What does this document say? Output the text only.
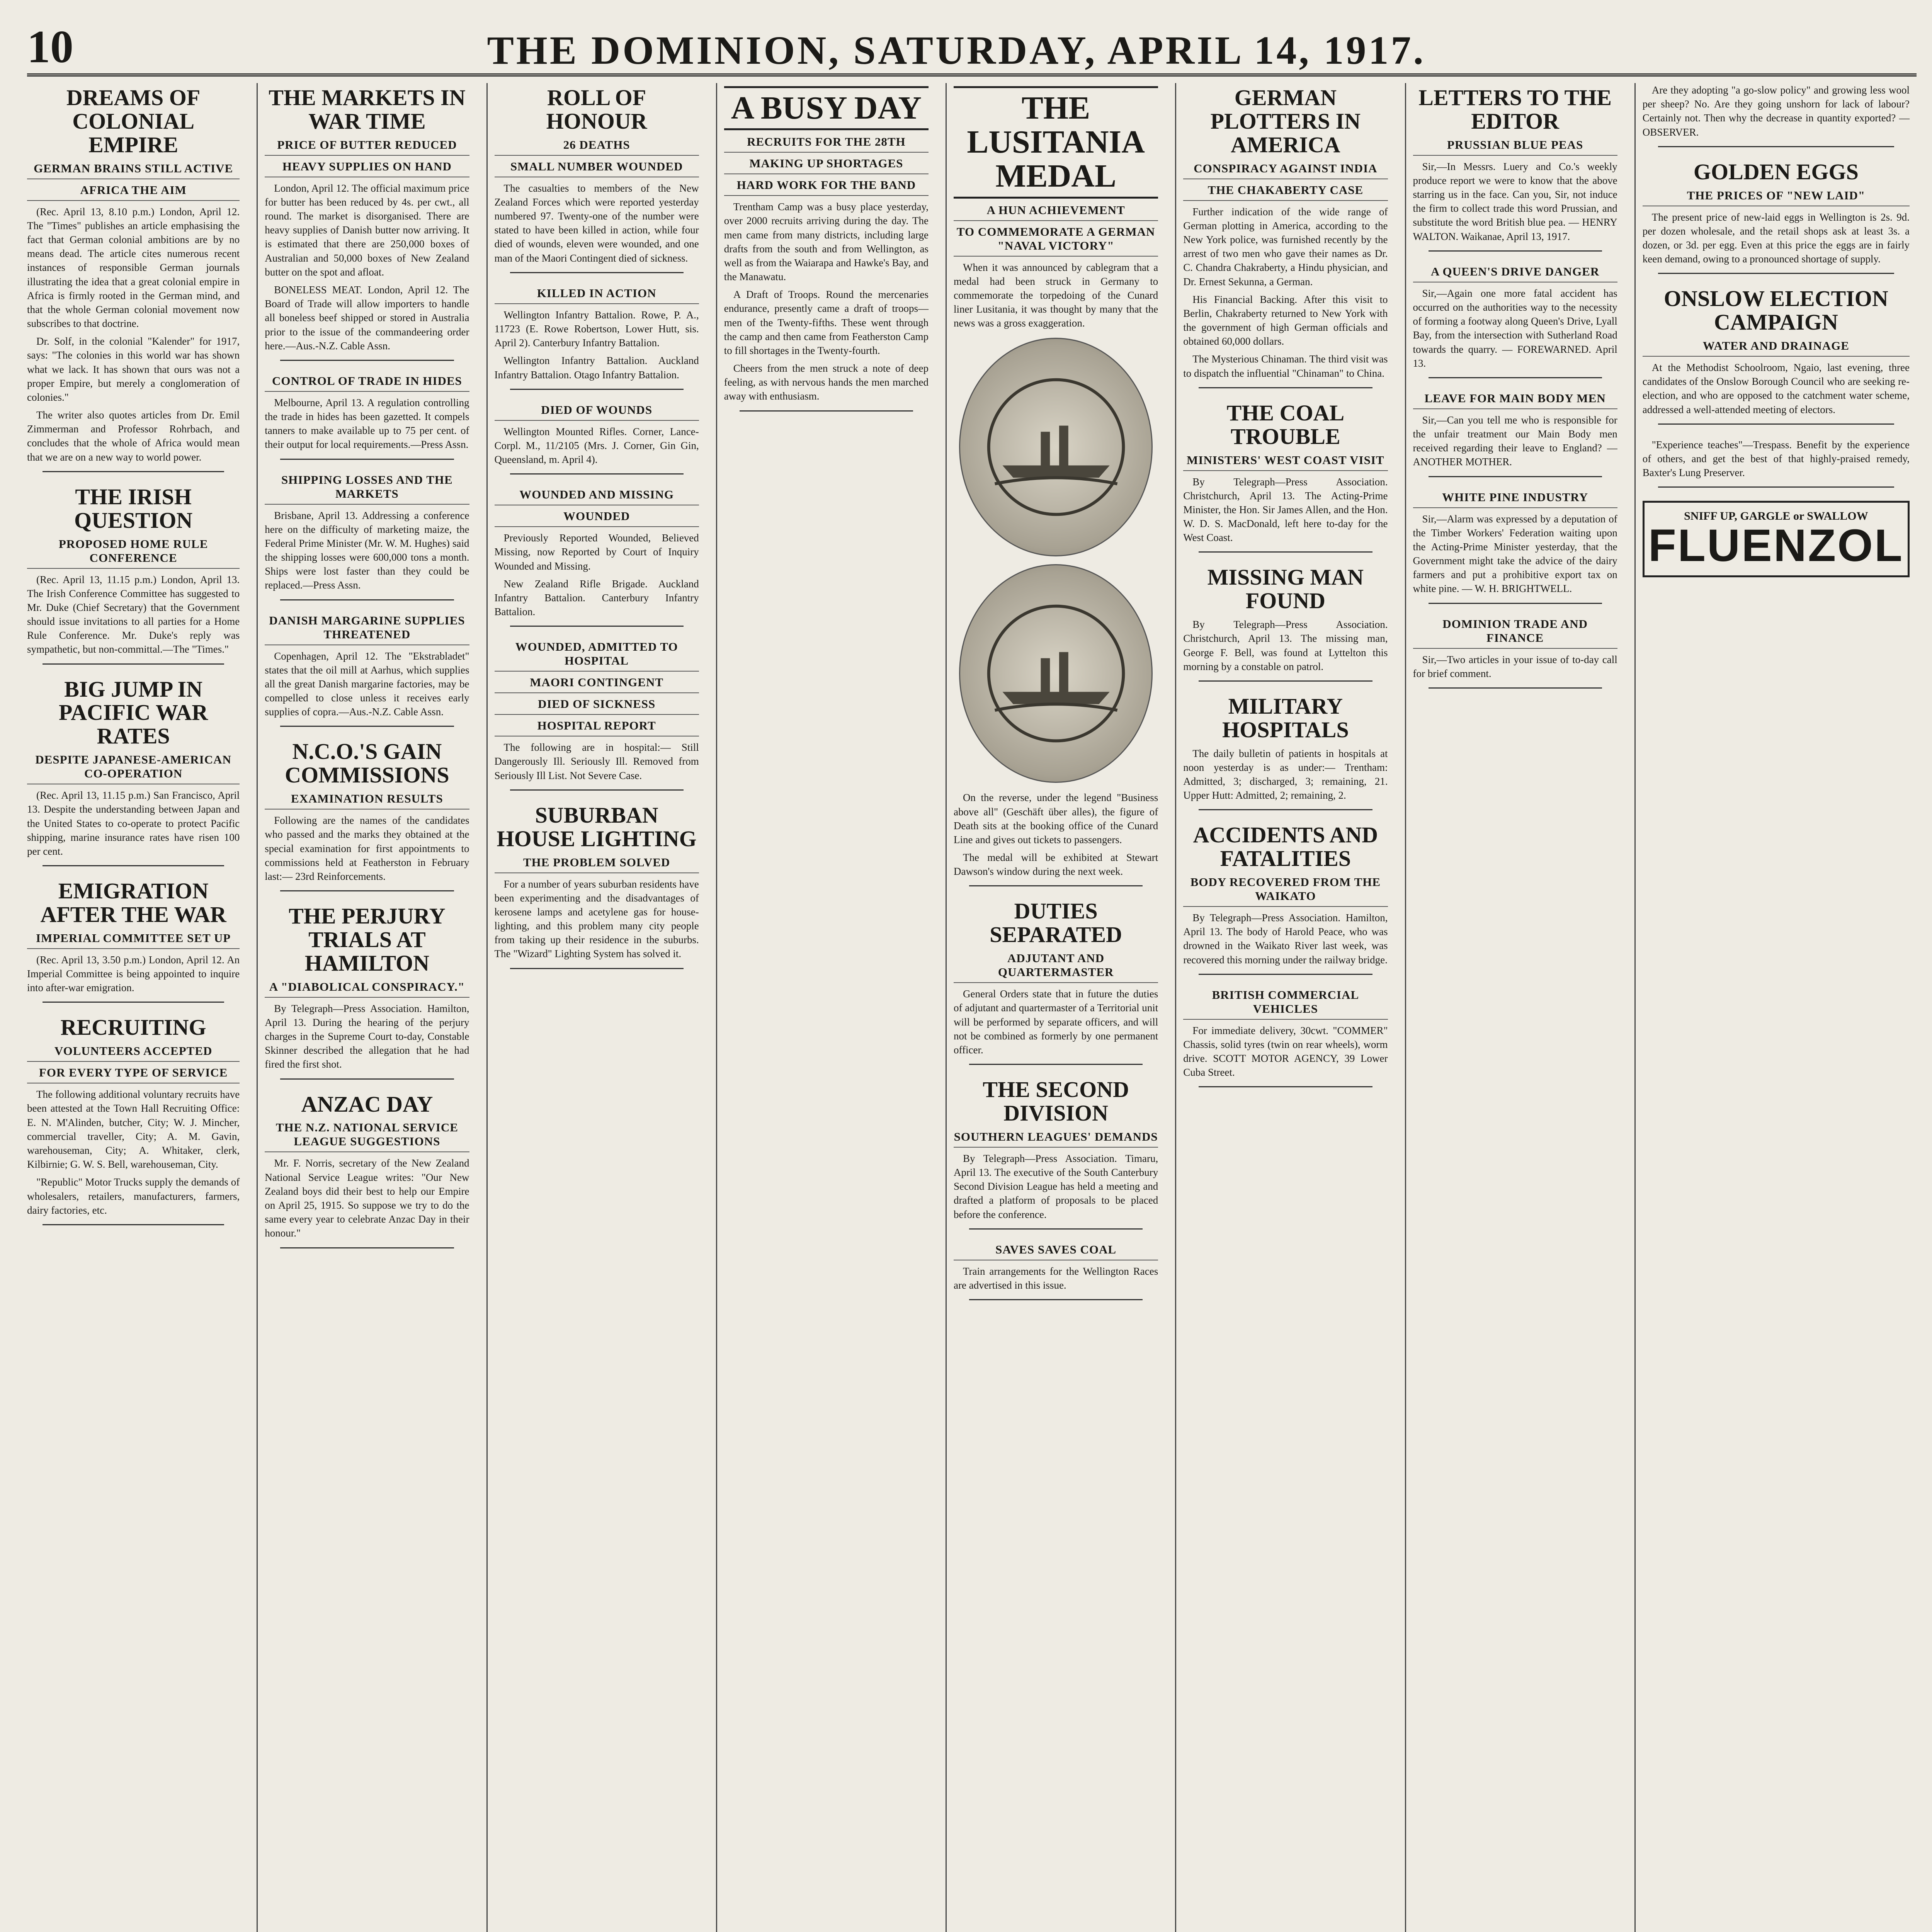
10	THE DOMINION, SATURDAY, APRIL 14, 1917.
DREAMS OF COLONIAL EMPIRE
GERMAN BRAINS STILL ACTIVE
AFRICA THE AIM

(Rec. April 13, 8.10 p.m.) London, April 12. The "Times" publishes an article emphasising the fact that German colonial ambitions are by no means dead. The article cites numerous recent instances of responsible German journals illustrating the idea that a great colonial empire in Africa is firmly rooted in the German mind, and that the whole German colonial movement now subscribes to that doctrine.

Dr. Solf, in the colonial "Kalender" for 1917, says: "The colonies in this world war has shown what we lack. It has shown that ours was not a proper Empire, but merely a conglomeration of colonies."

The writer also quotes articles from Dr. Emil Zimmerman and Professor Rohrbach, and concludes that the whole of Africa would mean that we are on a new way to world power.

THE IRISH QUESTION
PROPOSED HOME RULE CONFERENCE

(Rec. April 13, 11.15 p.m.) London, April 13. The Irish Conference Committee has suggested to Mr. Duke (Chief Secretary) that the Government should issue invitations to all parties for a Home Rule Conference. Mr. Duke's reply was sympathetic, but non-committal.—The "Times."

BIG JUMP IN PACIFIC WAR RATES
DESPITE JAPANESE-AMERICAN CO-OPERATION

(Rec. April 13, 11.15 p.m.) San Francisco, April 13. Despite the understanding between Japan and the United States to co-operate to protect Pacific shipping, marine insurance rates have risen 100 per cent.

EMIGRATION AFTER THE WAR
IMPERIAL COMMITTEE SET UP

(Rec. April 13, 3.50 p.m.) London, April 12. An Imperial Committee is being appointed to inquire into after-war emigration.

RECRUITING
VOLUNTEERS ACCEPTED
FOR EVERY TYPE OF SERVICE

The following additional voluntary recruits have been attested at the Town Hall Recruiting Office: E. N. M'Alinden, butcher, City; W. J. Mincher, commercial traveller, City; A. M. Gavin, warehouseman, City; A. Whitaker, clerk, Kilbirnie; G. W. S. Bell, warehouseman, City.

"Republic" Motor Trucks supply the demands of wholesalers, retailers, manufacturers, farmers, dairy factories, etc.

THE MARKETS IN WAR TIME
PRICE OF BUTTER REDUCED
HEAVY SUPPLIES ON HAND

London, April 12. The official maximum price for butter has been reduced by 4s. per cwt., all round. The market is disorganised. There are heavy supplies of Danish butter now arriving. It is estimated that there are 250,000 boxes of Australian and 50,000 boxes of New Zealand butter on the spot and afloat.

BONELESS MEAT. London, April 12. The Board of Trade will allow importers to handle all boneless beef shipped or stored in Australia prior to the issue of the commandeering order here.—Aus.-N.Z. Cable Assn.

CONTROL OF TRADE IN HIDES

Melbourne, April 13. A regulation controlling the trade in hides has been gazetted. It compels tanners to make available up to 75 per cent. of their output for local requirements.—Press Assn.

SHIPPING LOSSES AND THE MARKETS

Brisbane, April 13. Addressing a conference here on the difficulty of marketing maize, the Federal Prime Minister (Mr. W. M. Hughes) said the shipping losses were 600,000 tons a month. Ships were lost faster than they could be replaced.—Press Assn.

DANISH MARGARINE SUPPLIES THREATENED

Copenhagen, April 12. The "Ekstrabladet" states that the oil mill at Aarhus, which supplies all the great Danish margarine factories, may be compelled to close unless it receives early supplies of copra.—Aus.-N.Z. Cable Assn.

N.C.O.'S GAIN COMMISSIONS
EXAMINATION RESULTS

Following are the names of the candidates who passed and the marks they obtained at the special examination for first appointments to commissions held at Featherston in February last:— 23rd Reinforcements.

THE PERJURY TRIALS AT HAMILTON
A "DIABOLICAL CONSPIRACY."

By Telegraph—Press Association. Hamilton, April 13. During the hearing of the perjury charges in the Supreme Court to-day, Constable Skinner described the allegation that he had fired the first shot.

ANZAC DAY
THE N.Z. NATIONAL SERVICE LEAGUE SUGGESTIONS

Mr. F. Norris, secretary of the New Zealand National Service League writes: "Our New Zealand boys did their best to help our Empire on April 25, 1915. So suppose we try to do the same every year to celebrate Anzac Day in their honour."

ROLL OF HONOUR
26 DEATHS
SMALL NUMBER WOUNDED

The casualties to members of the New Zealand Forces which were reported yesterday numbered 97. Twenty-one of the number were stated to have been killed in action, while four died of wounds, eleven were wounded, and one man of the Maori Contingent died of sickness.

KILLED IN ACTION

Wellington Infantry Battalion. Rowe, P. A., 11723 (E. Rowe Robertson, Lower Hutt, sis. April 2). Canterbury Infantry Battalion.

Wellington Infantry Battalion. Auckland Infantry Battalion. Otago Infantry Battalion.

DIED OF WOUNDS

Wellington Mounted Rifles. Corner, Lance-Corpl. M., 11/2105 (Mrs. J. Corner, Gin Gin, Queensland, m. April 4).

WOUNDED AND MISSING
WOUNDED

Previously Reported Wounded, Believed Missing, now Reported by Court of Inquiry Wounded and Missing.

New Zealand Rifle Brigade. Auckland Infantry Battalion. Canterbury Infantry Battalion.

WOUNDED, ADMITTED TO HOSPITAL
MAORI CONTINGENT
DIED OF SICKNESS
HOSPITAL REPORT

The following are in hospital:— Still Dangerously Ill. Seriously Ill. Removed from Seriously Ill List. Not Severe Case.

SUBURBAN HOUSE LIGHTING
THE PROBLEM SOLVED

For a number of years suburban residents have been experimenting and the disadvantages of kerosene lamps and acetylene gas for house-lighting, and this problem many city people from taking up their residence in the suburbs. The "Wizard" Lighting System has solved it.

A BUSY DAY
RECRUITS FOR THE 28TH
MAKING UP SHORTAGES
HARD WORK FOR THE BAND

Trentham Camp was a busy place yesterday, over 2000 recruits arriving during the day. The men came from many districts, including large drafts from the south and from Wellington, as well as from the Waiarapa and Hawke's Bay, and the Manawatu.

A Draft of Troops. Round the mercenaries endurance, presently came a draft of troops—men of the Twenty-fifths. These went through the camp and then came from Featherston Camp to fill shortages in the Twenty-fourth.

Cheers from the men struck a note of deep feeling, as with nervous hands the men marched away with enthusiasm.

THE LUSITANIA MEDAL
A HUN ACHIEVEMENT
TO COMMEMORATE A GERMAN "NAVAL VICTORY"

When it was announced by cablegram that a medal had been struck in Germany to commemorate the torpedoing of the Cunard liner Lusitania, it was thought by many that the news was a gross exaggeration.

On the reverse, under the legend "Business above all" (Geschäft über alles), the figure of Death sits at the booking office of the Cunard Line and gives out tickets to passengers.

The medal will be exhibited at Stewart Dawson's window during the next week.

DUTIES SEPARATED
ADJUTANT AND QUARTERMASTER

General Orders state that in future the duties of adjutant and quartermaster of a Territorial unit will be performed by separate officers, and will not be combined as formerly by one permanent officer.

THE SECOND DIVISION
SOUTHERN LEAGUES' DEMANDS

By Telegraph—Press Association. Timaru, April 13. The executive of the South Canterbury Second Division League has held a meeting and drafted a platform of proposals to be placed before the conference.

SAVES SAVES COAL

Train arrangements for the Wellington Races are advertised in this issue.

GERMAN PLOTTERS IN AMERICA
CONSPIRACY AGAINST INDIA
THE CHAKABERTY CASE

Further indication of the wide range of German plotting in America, according to the New York police, was furnished recently by the arrest of two men who gave their names as Dr. C. Chandra Chakraberty, a Hindu physician, and Dr. Ernest Sekunna, a German.

His Financial Backing. After this visit to Berlin, Chakraberty returned to New York with the government of high German officials and obtained 60,000 dollars.

The Mysterious Chinaman. The third visit was to dispatch the influential "Chinaman" to China.

THE COAL TROUBLE
MINISTERS' WEST COAST VISIT

By Telegraph—Press Association. Christchurch, April 13. The Acting-Prime Minister, the Hon. Sir James Allen, and the Hon. W. D. S. MacDonald, left here to-day for the West Coast.

MISSING MAN FOUND

By Telegraph—Press Association. Christchurch, April 13. The missing man, George F. Bell, was found at Lyttelton this morning by a constable on patrol.

MILITARY HOSPITALS

The daily bulletin of patients in hospitals at noon yesterday is as under:— Trentham: Admitted, 3; discharged, 3; remaining, 21. Upper Hutt: Admitted, 2; remaining, 2.

ACCIDENTS AND FATALITIES
BODY RECOVERED FROM THE WAIKATO

By Telegraph—Press Association. Hamilton, April 13. The body of Harold Peace, who was drowned in the Waikato River last week, was recovered this morning under the railway bridge.

BRITISH COMMERCIAL VEHICLES

For immediate delivery, 30cwt. "COMMER" Chassis, solid tyres (twin on rear wheels), worm drive. SCOTT MOTOR AGENCY, 39 Lower Cuba Street.

LETTERS TO THE EDITOR
PRUSSIAN BLUE PEAS

Sir,—In Messrs. Luery and Co.'s weekly produce report we were to know that the above starring us in the face. Can you, Sir, not induce the firm to collect trade this word Prussian, and substitute the word British blue pea. — HENRY WALTON. Waikanae, April 13, 1917.

A QUEEN'S DRIVE DANGER

Sir,—Again one more fatal accident has occurred on the authorities way to the necessity of forming a footway along Queen's Drive, Lyall Bay, from the intersection with Sutherland Road towards the quarry. — FOREWARNED. April 13.

LEAVE FOR MAIN BODY MEN

Sir,—Can you tell me who is responsible for the unfair treatment our Main Body men received regarding their leave to England? — ANOTHER MOTHER.

WHITE PINE INDUSTRY

Sir,—Alarm was expressed by a deputation of the Timber Workers' Federation waiting upon the Acting-Prime Minister yesterday, that the Government might take the advice of the dairy farmers and put a prohibitive export tax on white pine. — W. H. BRIGHTWELL.

DOMINION TRADE AND FINANCE

Sir,—Two articles in your issue of to-day call for brief comment.

Are they adopting "a go-slow policy" and growing less wool per sheep? No. Are they going unshorn for lack of labour? Certainly not. Then why the decrease in quantity exported? — OBSERVER.

GOLDEN EGGS
THE PRICES OF "NEW LAID"

The present price of new-laid eggs in Wellington is 2s. 9d. per dozen wholesale, and the retail shops ask at least 3s. a dozen, or 3d. per egg. Even at this price the eggs are in fairly keen demand, owing to a pronounced shortage of supply.

ONSLOW ELECTION CAMPAIGN
WATER AND DRAINAGE

At the Methodist Schoolroom, Ngaio, last evening, three candidates of the Onslow Borough Council who are seeking re-election, and who are opposed to the catchment water scheme, addressed a well-attended meeting of electors.

"Experience teaches"—Trespass. Benefit by the experience of others, and get the best of that highly-praised remedy, Baxter's Lung Preserver.

SNIFF UP, GARGLE or SWALLOW
FLUENZOL
